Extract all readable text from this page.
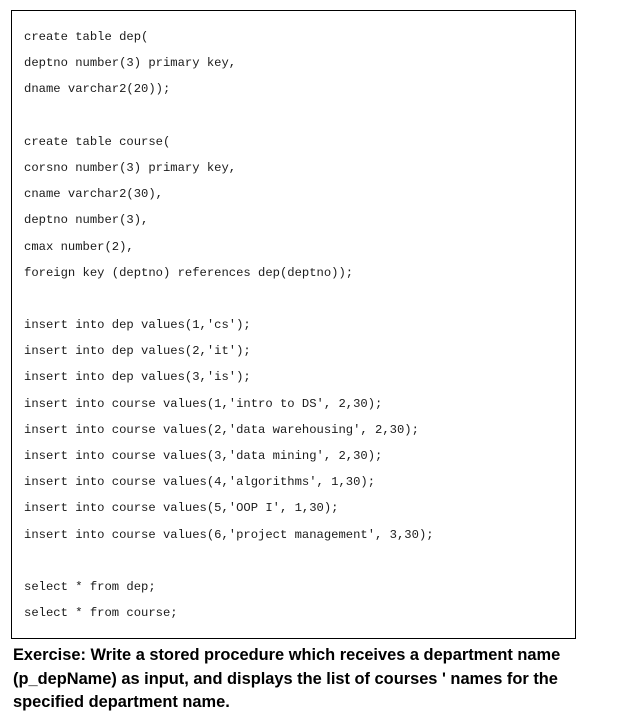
create table dep(
deptno number(3) primary key,
dname varchar2(20));
create table course(
corsno number(3) primary key,
cname varchar2(30),
deptno number(3),
cmax number(2),
foreign key (deptno) references dep(deptno));
insert into dep values(1,'cs');
insert into dep values(2,'it');
insert into dep values(3,'is');
insert into course values(1,'intro to DS', 2,30);
insert into course values(2,'data warehousing', 2,30);
insert into course values(3,'data mining', 2,30);
insert into course values(4,'algorithms', 1,30);
insert into course values(5,'OOP I', 1,30);
insert into course values(6,'project management', 3,30);
select * from dep;
select * from course;

Exercise: Write a stored procedure which receives a department name (p_depName) as input, and displays the list of courses ' names for the specified department name.
